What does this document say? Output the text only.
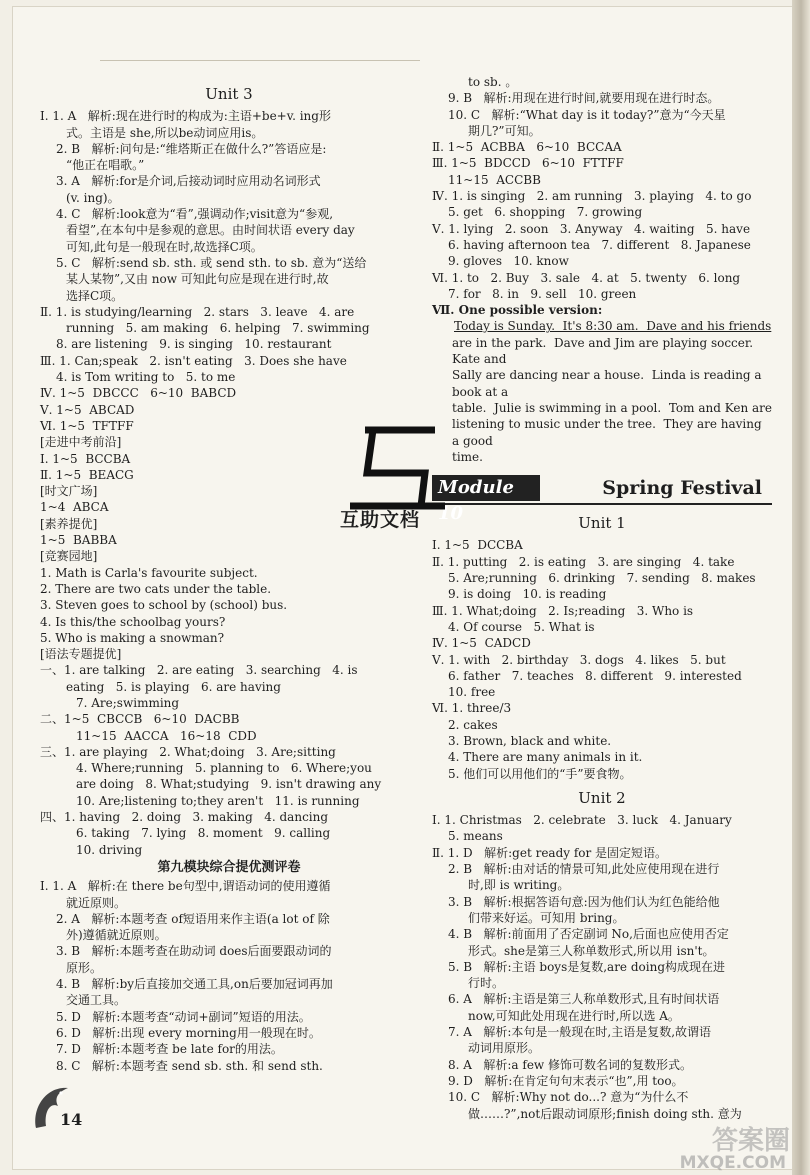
Unit 3
Ⅰ. 1. A   解析:现在进行时的构成为:主语+be+v. ing形
式。主语是 she,所以be动词应用is。
2. B   解析:问句是:“维塔斯正在做什么?”答语应是:
“他正在唱歌。”
3. A   解析:for是介词,后接动词时应用动名词形式
(v. ing)。
4. C   解析:look意为“看”,强调动作;visit意为“参观,
看望”,在本句中是参观的意思。由时间状语 every day
可知,此句是一般现在时,故选择C项。
5. C   解析:send sb. sth. 或 send sth. to sb. 意为“送给
某人某物”,又由 now 可知此句应是现在进行时,故
选择C项。
Ⅱ. 1. is studying/learning   2. stars   3. leave   4. are
running   5. am making   6. helping   7. swimming
8. are listening   9. is singing   10. restaurant
Ⅲ. 1. Can;speak   2. isn't eating   3. Does she have
4. is Tom writing to   5. to me
Ⅳ. 1~5  DBCCC   6~10  BABCD
Ⅴ. 1~5  ABCAD
Ⅵ. 1~5  TFTFF
[走进中考前沿]
Ⅰ. 1~5  BCCBA
Ⅱ. 1~5  BEACG
[时文广场]
1~4  ABCA
[素养提优]
1~5  BABBA
[竞赛园地]
1. Math is Carla's favourite subject.
2. There are two cats under the table.
3. Steven goes to school by (school) bus.
4. Is this/the schoolbag yours?
5. Who is making a snowman?
[语法专题提优]
一、1. are talking   2. are eating   3. searching   4. is
eating   5. is playing   6. are having
7. Are;swimming
二、1~5  CBCCB   6~10  DACBB
11~15  AACCA   16~18  CDD
三、1. are playing   2. What;doing   3. Are;sitting
4. Where;running   5. planning to   6. Where;you
are doing   8. What;studying   9. isn't drawing any
10. Are;listening to;they aren't   11. is running
四、1. having   2. doing   3. making   4. dancing
6. taking   7. lying   8. moment   9. calling
10. driving
第九模块综合提优测评卷
Ⅰ. 1. A   解析:在 there be句型中,谓语动词的使用遵循
就近原则。
2. A   解析:本题考查 of短语用来作主语(a lot of 除
外)遵循就近原则。
3. B   解析:本题考查在助动词 does后面要跟动词的
原形。
4. B   解析:by后直接加交通工具,on后要加冠词再加
交通工具。
5. D   解析:本题考查“动词+副词”短语的用法。
6. D   解析:出现 every morning用一般现在时。
7. D   解析:本题考查 be late for的用法。
8. C   解析:本题考查 send sb. sth. 和 send sth.
to sb. 。
9. B   解析:用现在进行时间,就要用现在进行时态。
10. C   解析:“What day is it today?”意为“今天星
期几?”可知。
Ⅱ. 1~5  ACBBA   6~10  BCCAA
Ⅲ. 1~5  BDCCD   6~10  FTTFF
11~15  ACCBB
Ⅳ. 1. is singing   2. am running   3. playing   4. to go
5. get   6. shopping   7. growing
Ⅴ. 1. lying   2. soon   3. Anyway   4. waiting   5. have
6. having afternoon tea   7. different   8. Japanese
9. gloves   10. know
Ⅵ. 1. to   2. Buy   3. sale   4. at   5. twenty   6. long
7. for   8. in   9. sell   10. green
Ⅶ. One possible version:
Today is Sunday.  It's 8:30 am.  Dave and his friends
are in the park.  Dave and Jim are playing soccer. Kate and
Sally are dancing near a house.  Linda is reading a book at a
table.  Julie is swimming in a pool.  Tom and Ken are
listening to music under the tree.  They are having a good
time.
Module 10
Spring Festival
Unit 1
Ⅰ. 1~5  DCCBA
Ⅱ. 1. putting   2. is eating   3. are singing   4. take
5. Are;running   6. drinking   7. sending   8. makes
9. is doing   10. is reading
Ⅲ. 1. What;doing   2. Is;reading   3. Who is
4. Of course   5. What is
Ⅳ. 1~5  CADCD
Ⅴ. 1. with   2. birthday   3. dogs   4. likes   5. but
6. father   7. teaches   8. different   9. interested
10. free
Ⅵ. 1. three/3
2. cakes
3. Brown, black and white.
4. There are many animals in it.
5. 他们可以用他们的“手”要食物。
Unit 2
Ⅰ. 1. Christmas   2. celebrate   3. luck   4. January
5. means
Ⅱ. 1. D   解析:get ready for 是固定短语。
2. B   解析:由对话的情景可知,此处应使用现在进行
时,即 is writing。
3. B   解析:根据答语句意:因为他们认为红色能给他
们带来好运。可知用 bring。
4. B   解析:前面用了否定副词 No,后面也应使用否定
形式。she是第三人称单数形式,所以用 isn't。
5. B   解析:主语 boys是复数,are doing构成现在进
行时。
6. A   解析:主语是第三人称单数形式,且有时间状语
now,可知此处用现在进行时,所以选 A。
7. A   解析:本句是一般现在时,主语是复数,故谓语
动词用原形。
8. A   解析:a few 修饰可数名词的复数形式。
9. D   解析:在肯定句句末表示“也”,用 too。
10. C   解析:Why not do...? 意为“为什么不
做……?”,not后跟动词原形;finish doing sth. 意为
互助文档
14
答案圈
MXQE.COM
